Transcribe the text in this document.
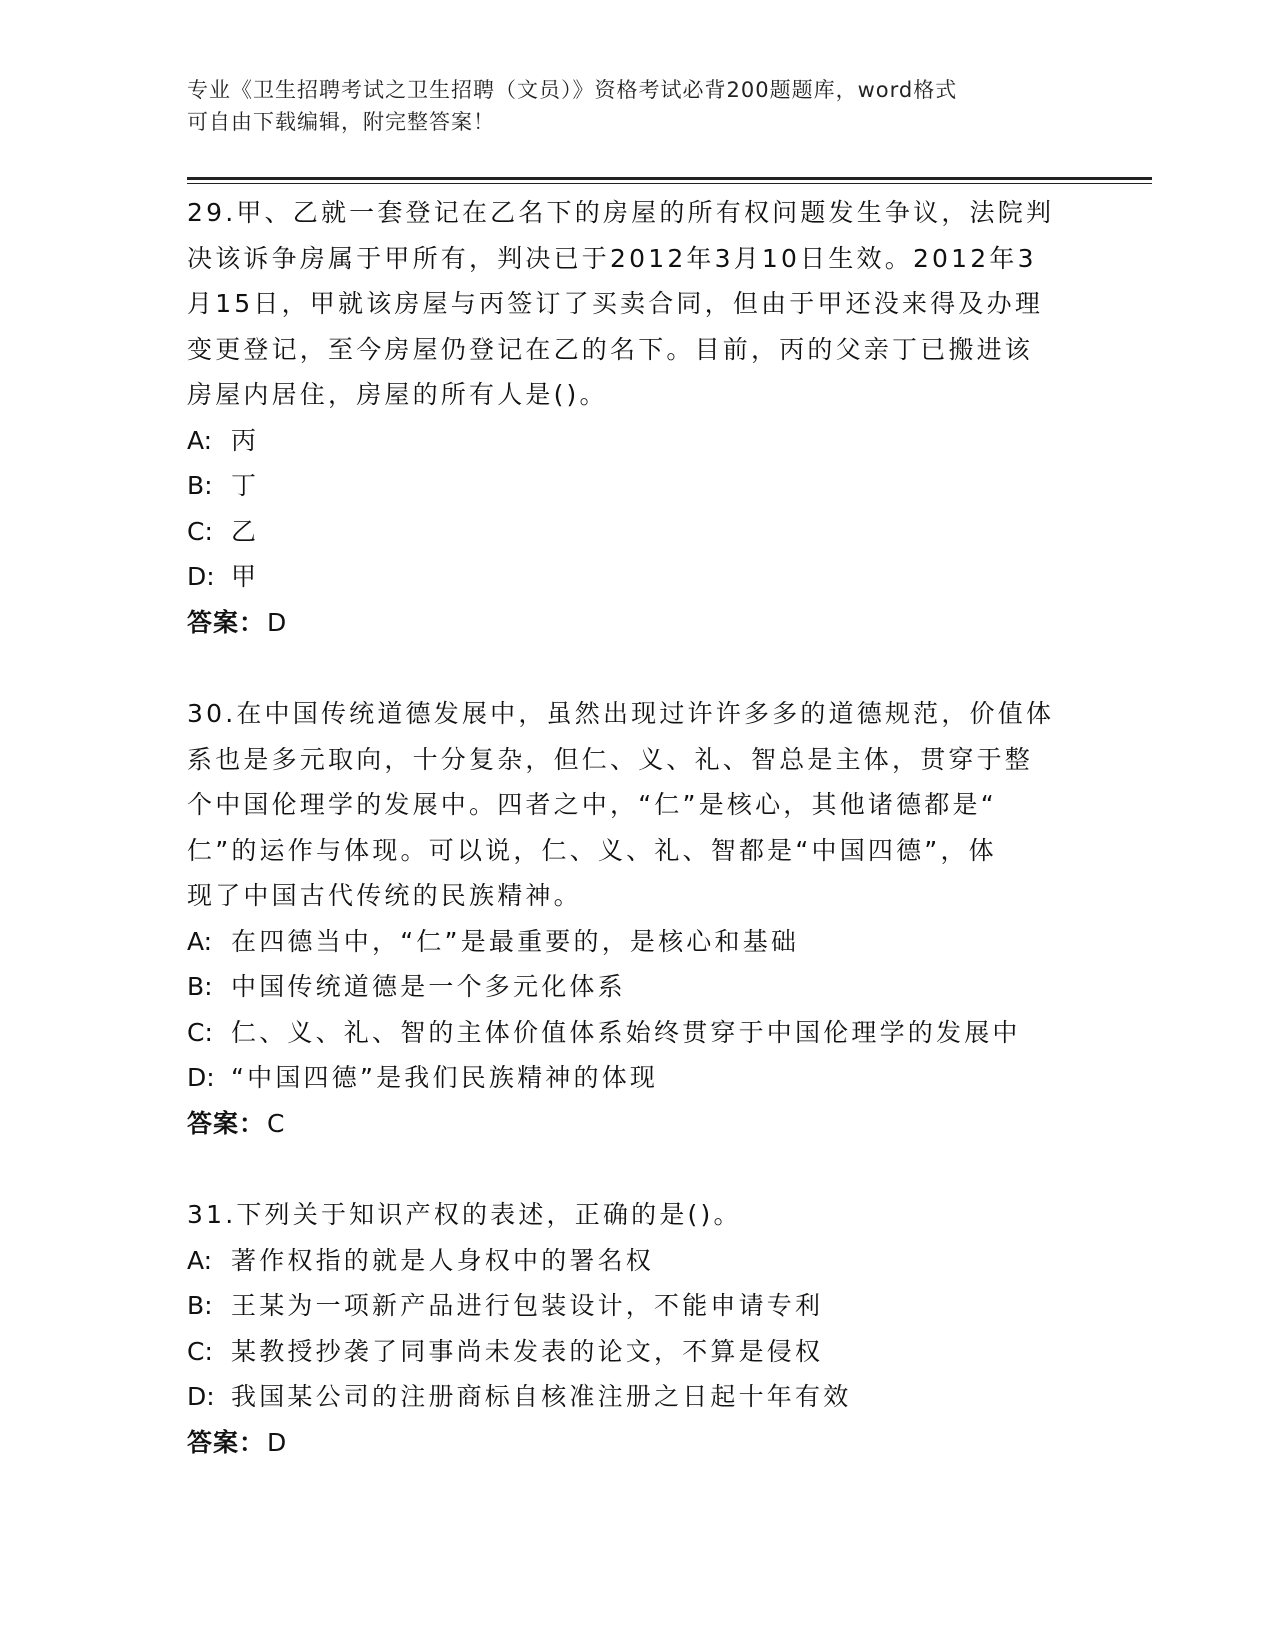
专业《卫生招聘考试之卫生招聘（文员）》资格考试必背200题题库，word格式
可自由下载编辑，附完整答案！
29.甲、乙就一套登记在乙名下的房屋的所有权问题发生争议，法院判
决该诉争房属于甲所有，判决已于2012年3月10日生效。2012年3
月15日，甲就该房屋与丙签订了买卖合同，但由于甲还没来得及办理
变更登记，至今房屋仍登记在乙的名下。目前，丙的父亲丁已搬进该
房屋内居住，房屋的所有人是()。
A: 丙
B: 丁
C: 乙
D: 甲
答案：D
30.在中国传统道德发展中，虽然出现过许许多多的道德规范，价值体
系也是多元取向，十分复杂，但仁、义、礼、智总是主体，贯穿于整
个中国伦理学的发展中。四者之中，“仁”是核心，其他诸德都是“
仁”的运作与体现。可以说，仁、义、礼、智都是“中国四德”，体
现了中国古代传统的民族精神。
A: 在四德当中，“仁”是最重要的，是核心和基础
B: 中国传统道德是一个多元化体系
C: 仁、义、礼、智的主体价值体系始终贯穿于中国伦理学的发展中
D: “中国四德”是我们民族精神的体现
答案：C
31.下列关于知识产权的表述，正确的是()。
A: 著作权指的就是人身权中的署名权
B: 王某为一项新产品进行包装设计，不能申请专利
C: 某教授抄袭了同事尚未发表的论文，不算是侵权
D: 我国某公司的注册商标自核准注册之日起十年有效
答案：D
